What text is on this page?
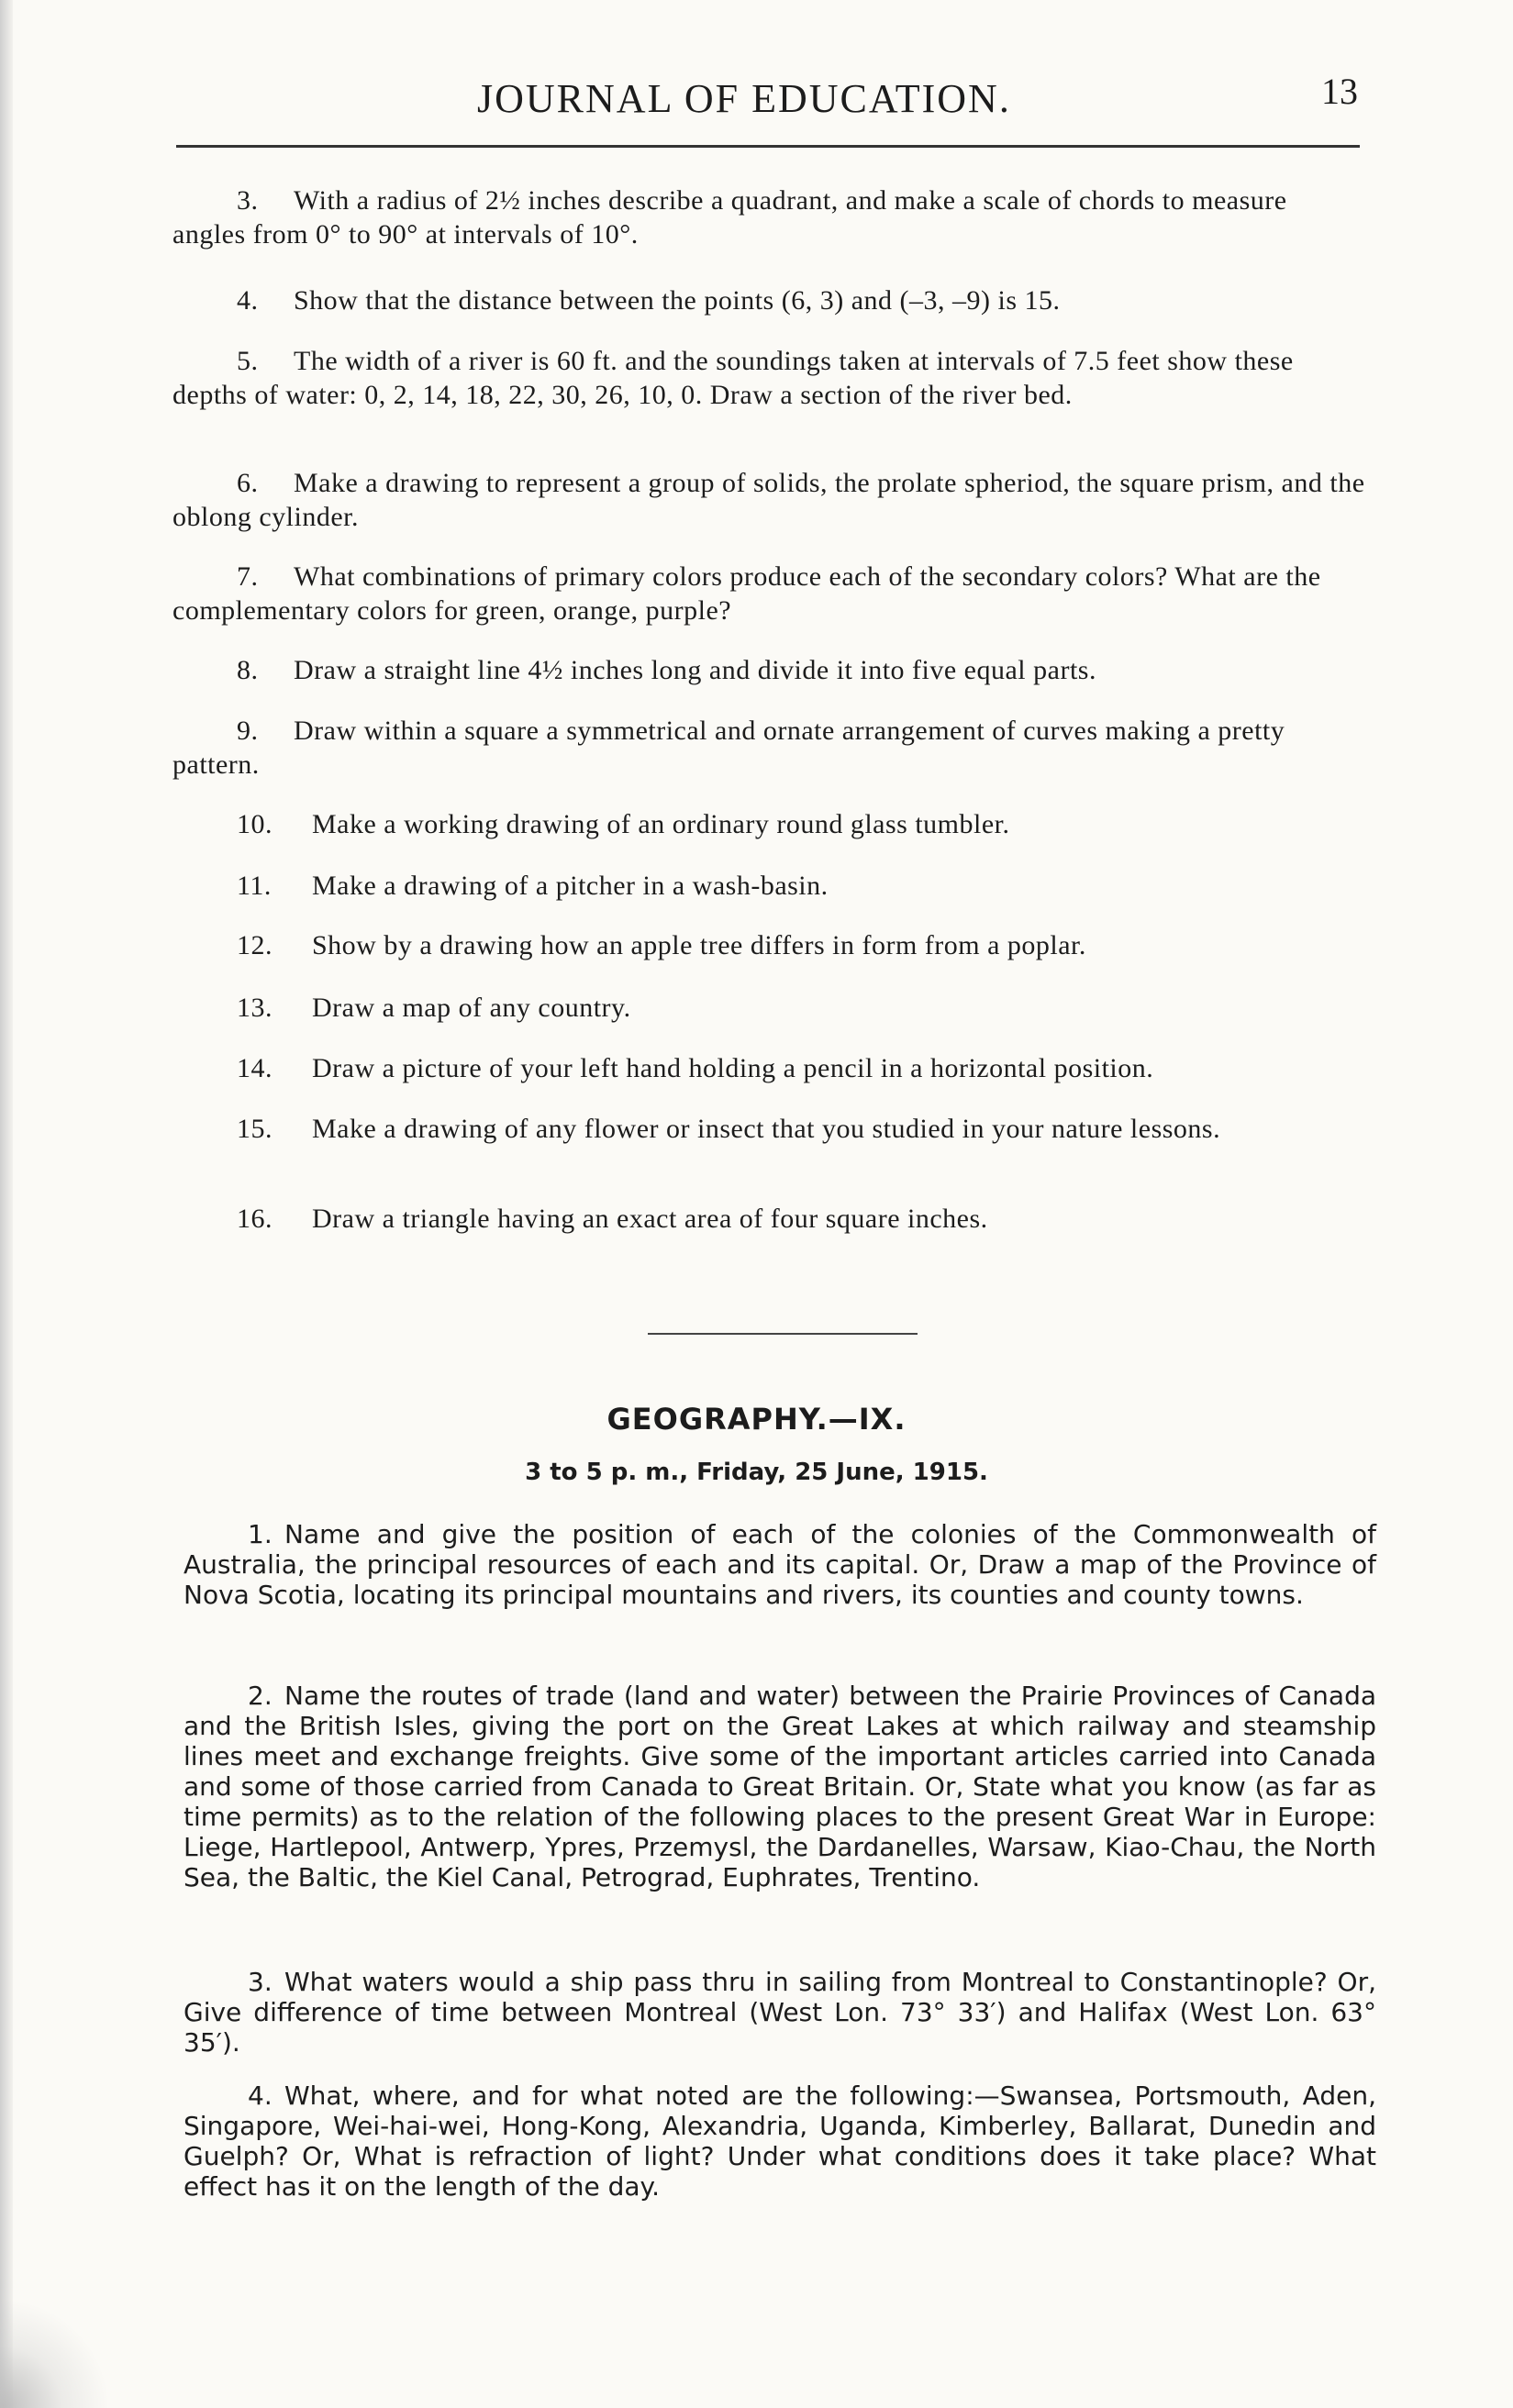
JOURNAL OF EDUCATION.	13
3. With a radius of 2½ inches describe a quadrant, and make a scale of chords to measure angles from 0° to 90° at intervals of 10°.
4. Show that the distance between the points (6, 3) and (–3, –9) is 15.
5. The width of a river is 60 ft. and the soundings taken at intervals of 7.5 feet show these depths of water: 0, 2, 14, 18, 22, 30, 26, 10, 0. Draw a section of the river bed.
6. Make a drawing to represent a group of solids, the prolate spheriod, the square prism, and the oblong cylinder.
7. What combinations of primary colors produce each of the secondary colors? What are the complementary colors for green, orange, purple?
8. Draw a straight line 4½ inches long and divide it into five equal parts.
9. Draw within a square a symmetrical and ornate arrangement of curves making a pretty pattern.
10. Make a working drawing of an ordinary round glass tumbler.
11. Make a drawing of a pitcher in a wash-basin.
12. Show by a drawing how an apple tree differs in form from a poplar.
13. Draw a map of any country.
14. Draw a picture of your left hand holding a pencil in a horizontal position.
15. Make a drawing of any flower or insect that you studied in your nature lessons.
16. Draw a triangle having an exact area of four square inches.
GEOGRAPHY.—IX.
3 to 5 p. m., Friday, 25 June, 1915.
1. Name and give the position of each of the colonies of the Commonwealth of Australia, the principal resources of each and its capital. Or, Draw a map of the Province of Nova Scotia, locating its principal mountains and rivers, its counties and county towns.
2. Name the routes of trade (land and water) between the Prairie Provinces of Canada and the British Isles, giving the port on the Great Lakes at which railway and steamship lines meet and exchange freights. Give some of the important articles carried into Canada and some of those carried from Canada to Great Britain. Or, State what you know (as far as time permits) as to the relation of the following places to the present Great War in Europe: Liege, Hartlepool, Antwerp, Ypres, Przemysl, the Dardanelles, Warsaw, Kiao-Chau, the North Sea, the Baltic, the Kiel Canal, Petrograd, Euphrates, Trentino.
3. What waters would a ship pass thru in sailing from Montreal to Constantinople? Or, Give difference of time between Montreal (West Lon. 73° 33′) and Halifax (West Lon. 63° 35′).
4. What, where, and for what noted are the following:—Swansea, Portsmouth, Aden, Singapore, Wei-hai-wei, Hong-Kong, Alexandria, Uganda, Kimberley, Ballarat, Dunedin and Guelph? Or, What is refraction of light? Under what conditions does it take place? What effect has it on the length of the day.
